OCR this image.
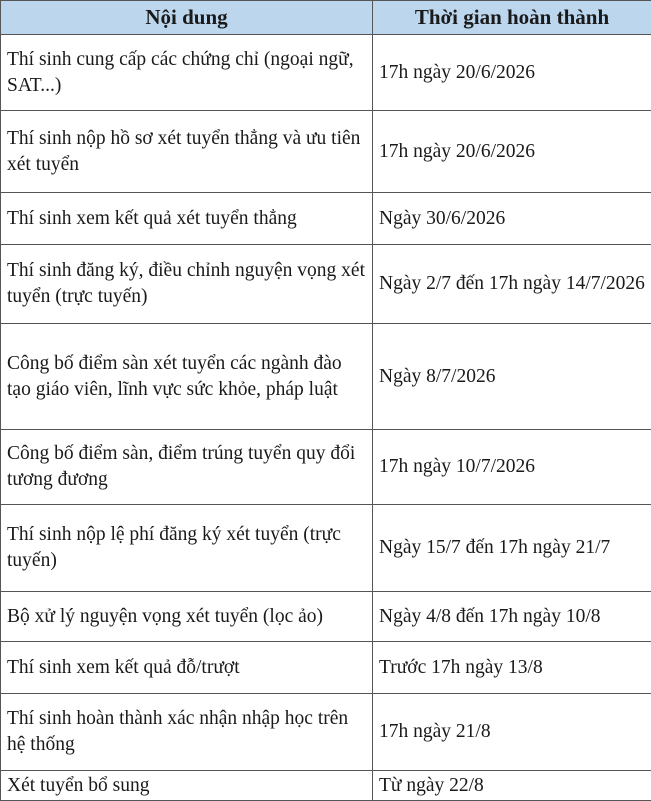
Nội dung	Thời gian hoàn thành
Thí sinh cung cấp các chứng chỉ (ngoại ngữ, SAT...)	17h ngày 20/6/2026
Thí sinh nộp hồ sơ xét tuyển thẳng và ưu tiên xét tuyển	17h ngày 20/6/2026
Thí sinh xem kết quả xét tuyển thẳng	Ngày 30/6/2026
Thí sinh đăng ký, điều chỉnh nguyện vọng xét tuyển (trực tuyến)	Ngày 2/7 đến 17h ngày 14/7/2026
Công bố điểm sàn xét tuyển các ngành đào tạo giáo viên, lĩnh vực sức khỏe, pháp luật	Ngày 8/7/2026
Công bố điểm sàn, điểm trúng tuyển quy đổi tương đương	17h ngày 10/7/2026
Thí sinh nộp lệ phí đăng ký xét tuyển (trực tuyến)	Ngày 15/7 đến 17h ngày 21/7
Bộ xử lý nguyện vọng xét tuyển (lọc ảo)	Ngày 4/8 đến 17h ngày 10/8
Thí sinh xem kết quả đỗ/trượt	Trước 17h ngày 13/8
Thí sinh hoàn thành xác nhận nhập học trên hệ thống	17h ngày 21/8
Xét tuyển bổ sung	Từ ngày 22/8
